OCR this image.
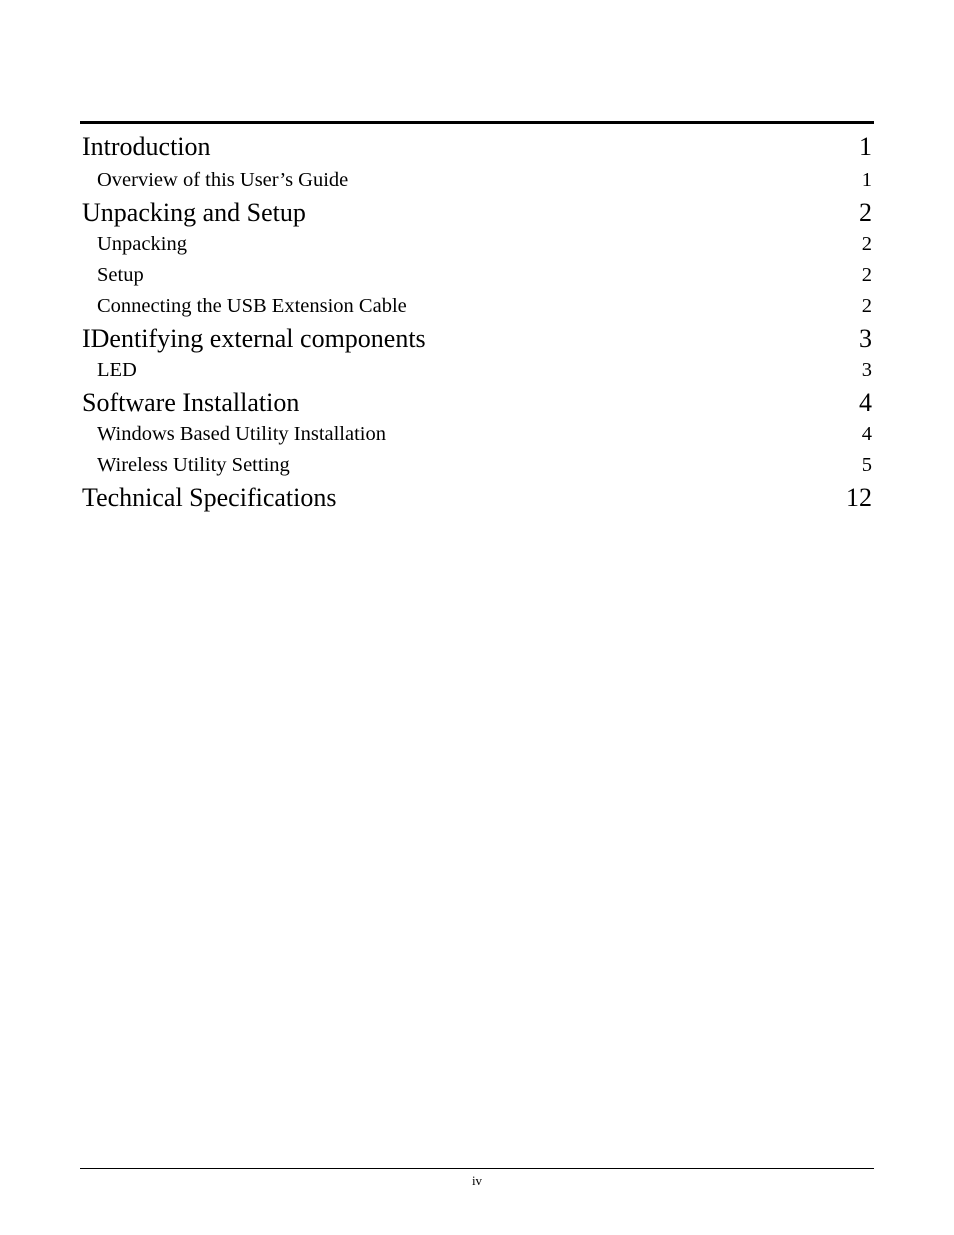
Introduction	1
Overview of this User’s Guide	1
Unpacking and Setup	2
Unpacking	2
Setup	2
Connecting the USB Extension Cable	2
IDentifying external components	3
LED	3
Software Installation	4
Windows Based Utility Installation	4
Wireless Utility Setting	5
Technical Specifications	12
iv
